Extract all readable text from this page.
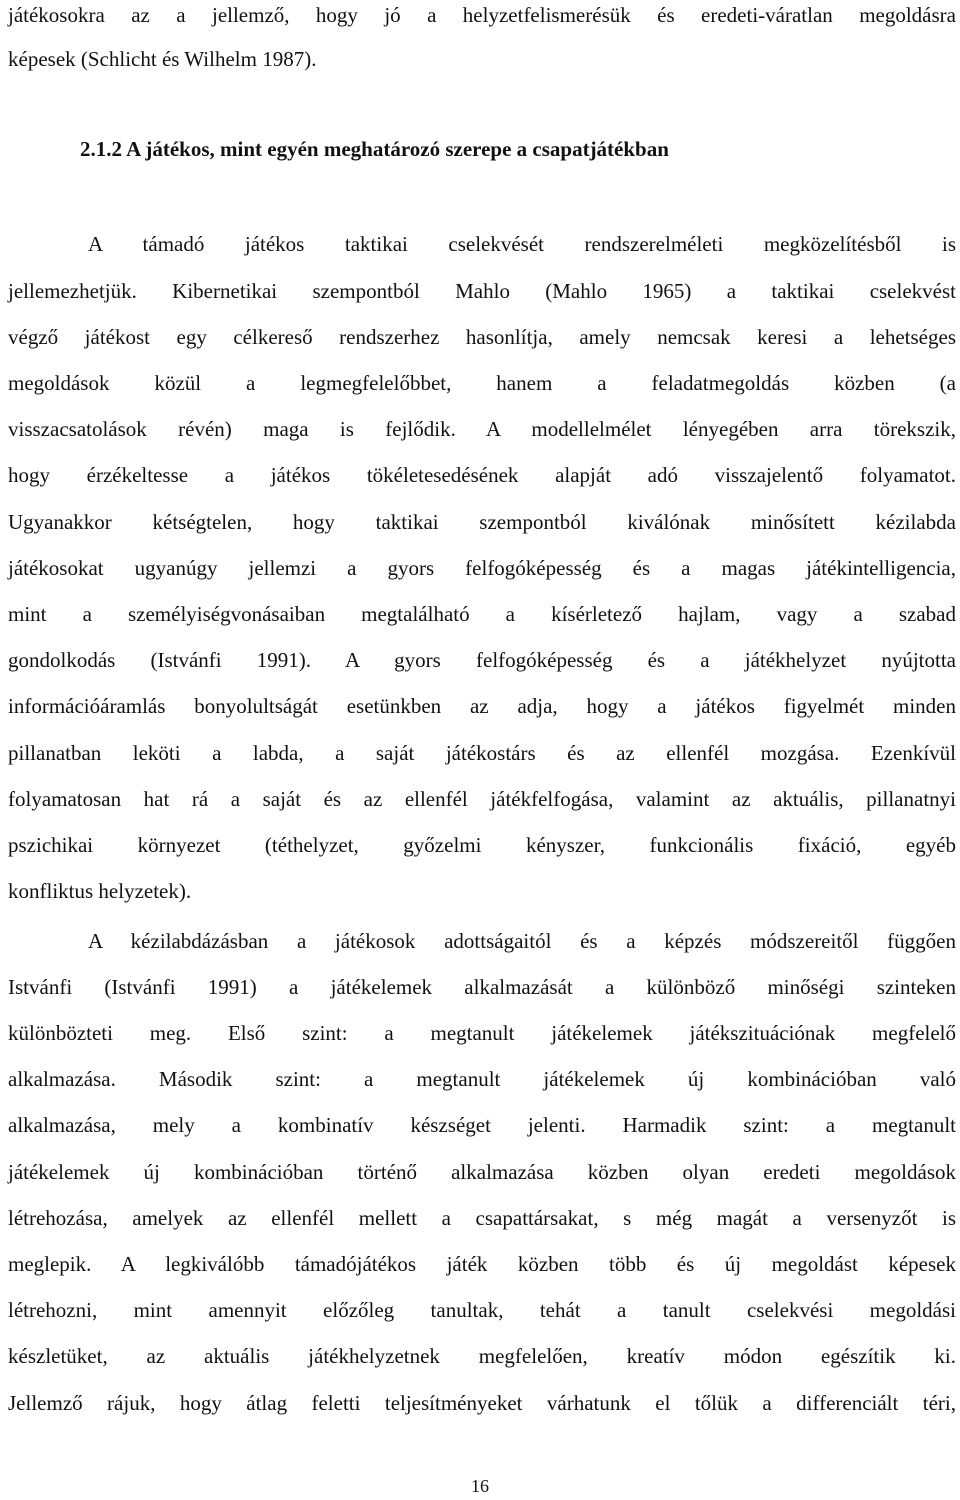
játékosokra az a jellemző, hogy jó a helyzetfelismerésük és eredeti-váratlan megoldásra
képesek (Schlicht és Wilhelm 1987).
2.1.2 A játékos, mint egyén meghatározó szerepe a csapatjátékban
A támadó játékos taktikai cselekvését rendszerelméleti megközelítésből is
jellemezhetjük. Kibernetikai szempontból Mahlo (Mahlo 1965) a taktikai cselekvést
végző játékost egy célkereső rendszerhez hasonlítja, amely nemcsak keresi a lehetséges
megoldások közül a legmegfelelőbbet, hanem a feladatmegoldás közben (a
visszacsatolások révén) maga is fejlődik. A modellelmélet lényegében arra törekszik,
hogy érzékeltesse a játékos tökéletesedésének alapját adó visszajelentő folyamatot.
Ugyanakkor kétségtelen, hogy taktikai szempontból kiválónak minősített kézilabda
játékosokat ugyanúgy jellemzi a gyors felfogóképesség és a magas játékintelligencia,
mint a személyiségvonásaiban megtalálható a kísérletező hajlam, vagy a szabad
gondolkodás (Istvánfi 1991). A gyors felfogóképesség és a játékhelyzet nyújtotta
információáramlás bonyolultságát esetünkben az adja, hogy a játékos figyelmét minden
pillanatban leköti a labda, a saját játékostárs és az ellenfél mozgása. Ezenkívül
folyamatosan hat rá a saját és az ellenfél játékfelfogása, valamint az aktuális, pillanatnyi
pszichikai környezet (téthelyzet, győzelmi kényszer, funkcionális fixáció, egyéb
konfliktus helyzetek).
A kézilabdázásban a játékosok adottságaitól és a képzés módszereitől függően
Istvánfi (Istvánfi 1991) a játékelemek alkalmazását a különböző minőségi szinteken
különbözteti meg. Első szint: a megtanult játékelemek játékszituációnak megfelelő
alkalmazása. Második szint: a megtanult játékelemek új kombinációban való
alkalmazása, mely a kombinatív készséget jelenti. Harmadik szint: a megtanult
játékelemek új kombinációban történő alkalmazása közben olyan eredeti megoldások
létrehozása, amelyek az ellenfél mellett a csapattársakat, s még magát a versenyzőt is
meglepik. A legkiválóbb támadójátékos játék közben több és új megoldást képesek
létrehozni, mint amennyit előzőleg tanultak, tehát a tanult cselekvési megoldási
készletüket, az aktuális játékhelyzetnek megfelelően, kreatív módon egészítik ki.
Jellemző rájuk, hogy átlag feletti teljesítményeket várhatunk el tőlük a differenciált téri,
16
